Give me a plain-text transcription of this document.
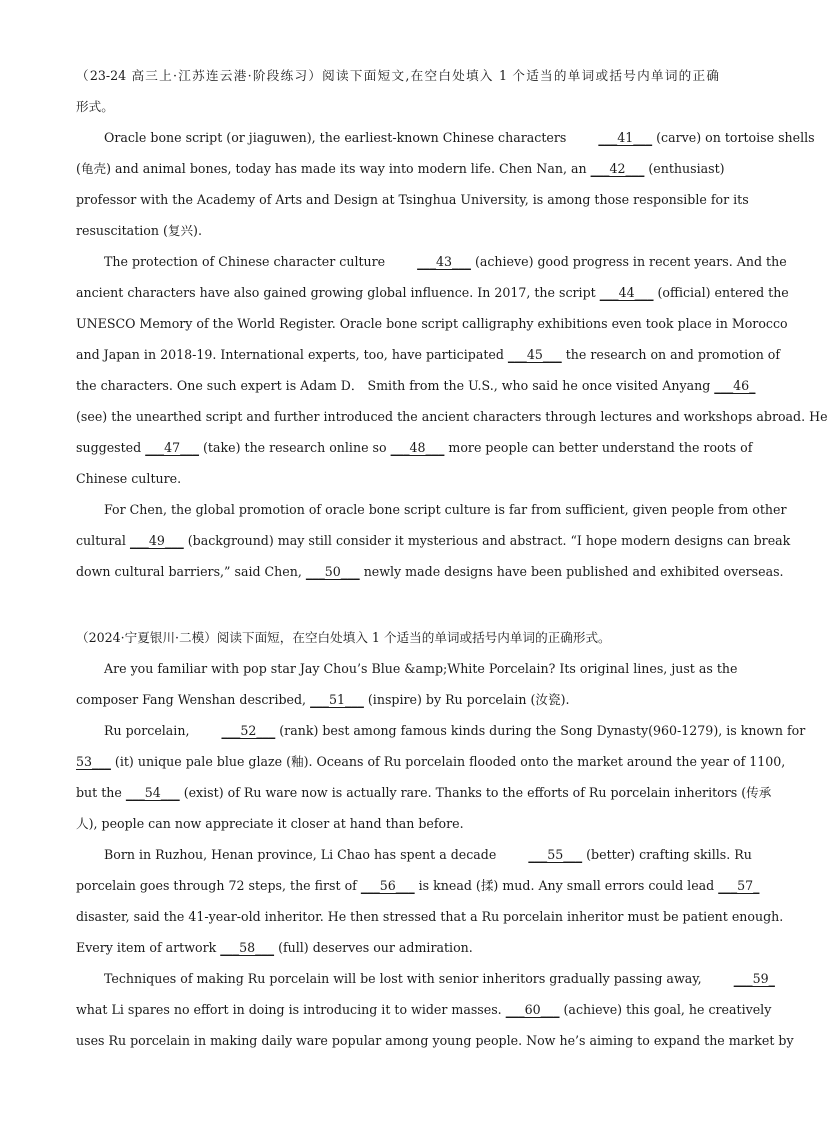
（23-24 高三上·江苏连云港·阶段练习）阅读下面短文,在空白处填入 1 个适当的单词或括号内单词的正确
形式。
Oracle bone script (or jiaguwen), the earliest-known Chinese characters ___41___ (carve) on tortoise shells
(龟壳) and animal bones, today has made its way into modern life. Chen Nan, an ___42___ (enthusiast)
professor with the Academy of Arts and Design at Tsinghua University, is among those responsible for its
resuscitation (复兴).
The protection of Chinese character culture ___43___ (achieve) good progress in recent years. And the
ancient characters have also gained growing global influence. In 2017, the script ___44___ (official) entered the
UNESCO Memory of the World Register. Oracle bone script calligraphy exhibitions even took place in Morocco
and Japan in 2018-19. International experts, too, have participated ___45___ the research on and promotion of
the characters. One such expert is Adam D． Smith from the U.S., who said he once visited Anyang ___46_
(see) the unearthed script and further introduced the ancient characters through lectures and workshops abroad. He
suggested ___47___ (take) the research online so ___48___ more people can better understand the roots of
Chinese culture.
For Chen, the global promotion of oracle bone script culture is far from sufficient, given people from other
cultural ___49___ (background) may still consider it mysterious and abstract. “I hope modern designs can break
down cultural barriers,” said Chen, ___50___ newly made designs have been published and exhibited overseas.
（2024·宁夏银川·二模）阅读下面短，在空白处填入 1 个适当的单词或括号内单词的正确形式。
Are you familiar with pop star Jay Chou’s Blue &amp;White Porcelain? Its original lines, just as the
composer Fang Wenshan described, ___51___ (inspire) by Ru porcelain (汝瓷).
Ru porcelain, ___52___ (rank) best among famous kinds during the Song Dynasty(960-1279), is known for
53___ (it) unique pale blue glaze (釉). Oceans of Ru porcelain flooded onto the market around the year of 1100,
but the ___54___ (exist) of Ru ware now is actually rare. Thanks to the efforts of Ru porcelain inheritors (传承
人), people can now appreciate it closer at hand than before.
Born in Ruzhou, Henan province, Li Chao has spent a decade ___55___ (better) crafting skills. Ru
porcelain goes through 72 steps, the first of ___56___ is knead (揉) mud. Any small errors could lead ___57_
disaster, said the 41-year-old inheritor. He then stressed that a Ru porcelain inheritor must be patient enough.
Every item of artwork ___58___ (full) deserves our admiration.
Techniques of making Ru porcelain will be lost with senior inheritors gradually passing away, ___59_
what Li spares no effort in doing is introducing it to wider masses. ___60___ (achieve) this goal, he creatively
uses Ru porcelain in making daily ware popular among young people. Now he’s aiming to expand the market by
